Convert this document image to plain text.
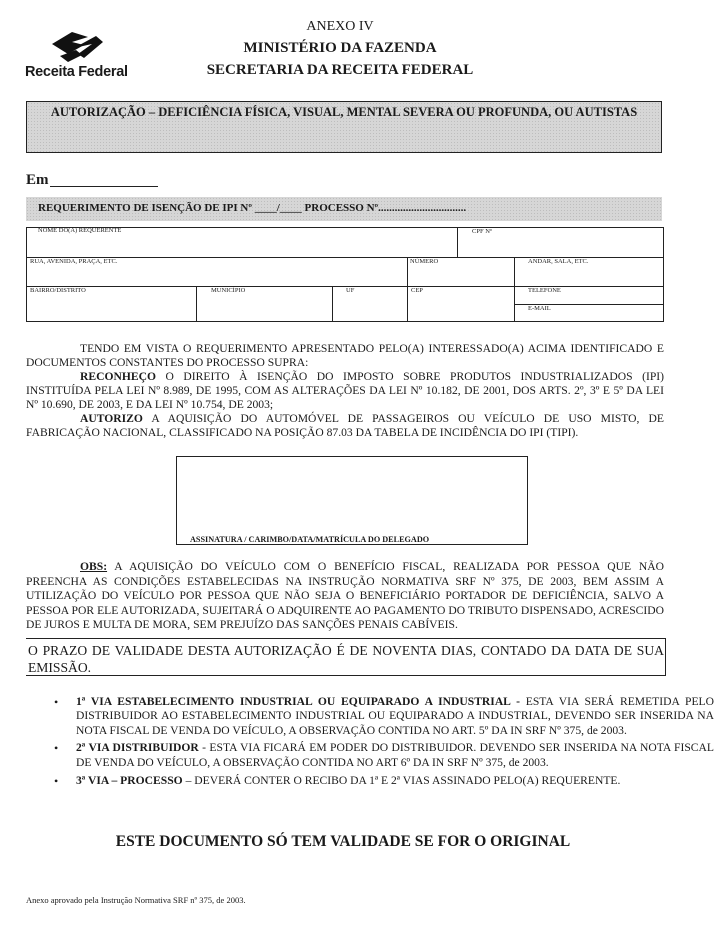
Receita Federal
ANEXO IV
MINISTÉRIO DA FAZENDA
SECRETARIA DA RECEITA FEDERAL
AUTORIZAÇÃO – DEFICIÊNCIA FÍSICA, VISUAL, MENTAL SEVERA OU PROFUNDA, OU AUTISTAS
Em
REQUERIMENTO DE ISENÇÃO DE IPI Nº ____/____ PROCESSO Nº................................
NOME DO(A) REQUERENTE	CPF Nº
RUA, AVENIDA, PRAÇA, ETC.	NÚMERO	ANDAR, SALA, ETC.
BAIRRO/DISTRITO	MUNICÍPIO	UF	CEP	TELEFONE
E-MAIL
TENDO EM VISTA O REQUERIMENTO APRESENTADO PELO(A) INTERESSADO(A) ACIMA IDENTIFICADO E DOCUMENTOS CONSTANTES DO PROCESSO SUPRA:
RECONHEÇO O DIREITO À ISENÇÃO DO IMPOSTO SOBRE PRODUTOS INDUSTRIALIZADOS (IPI) INSTITUÍDA PELA LEI Nº 8.989, DE 1995, COM AS ALTERAÇÕES DA LEI Nº 10.182, DE 2001, DOS ARTS. 2º, 3º E 5º DA LEI Nº 10.690, DE 2003, E DA LEI Nº 10.754, DE 2003;
AUTORIZO A AQUISIÇÃO DO AUTOMÓVEL DE PASSAGEIROS OU VEÍCULO DE USO MISTO, DE FABRICAÇÃO NACIONAL, CLASSIFICADO NA POSIÇÃO 87.03 DA TABELA DE INCIDÊNCIA DO IPI (TIPI).
ASSINATURA / CARIMBO/DATA/MATRÍCULA DO DELEGADO
OBS: A AQUISIÇÃO DO VEÍCULO COM O BENEFÍCIO FISCAL, REALIZADA POR PESSOA QUE NÃO PREENCHA AS CONDIÇÕES ESTABELECIDAS NA INSTRUÇÃO NORMATIVA SRF Nº 375, DE 2003, BEM ASSIM A UTILIZAÇÃO DO VEÍCULO POR PESSOA QUE NÃO SEJA O BENEFICIÁRIO PORTADOR DE DEFICIÊNCIA, SALVO A PESSOA POR ELE AUTORIZADA, SUJEITARÁ O ADQUIRENTE AO PAGAMENTO DO TRIBUTO DISPENSADO, ACRESCIDO DE JUROS E MULTA DE MORA, SEM PREJUÍZO DAS SANÇÕES PENAIS CABÍVEIS.
O PRAZO DE VALIDADE DESTA AUTORIZAÇÃO É DE NOVENTA DIAS, CONTADO DA DATA DE SUA EMISSÃO.
• 1ª VIA ESTABELECIMENTO INDUSTRIAL OU EQUIPARADO A INDUSTRIAL - ESTA VIA SERÁ REMETIDA PELO DISTRIBUIDOR AO ESTABELECIMENTO INDUSTRIAL OU EQUIPARADO A INDUSTRIAL, DEVENDO SER INSERIDA NA NOTA FISCAL DE VENDA DO VEÍCULO, A OBSERVAÇÃO CONTIDA NO ART. 5º DA IN SRF Nº 375, de 2003.
• 2ª VIA DISTRIBUIDOR - ESTA VIA FICARÁ EM PODER DO DISTRIBUIDOR. DEVENDO SER INSERIDA NA NOTA FISCAL DE VENDA DO VEÍCULO, A OBSERVAÇÃO CONTIDA NO ART 6º DA IN SRF Nº 375, de 2003.
• 3ª VIA – PROCESSO – DEVERÁ CONTER O RECIBO DA 1ª E 2ª VIAS ASSINADO PELO(A) REQUERENTE.
ESTE DOCUMENTO SÓ TEM VALIDADE SE FOR O ORIGINAL
Anexo aprovado pela Instrução Normativa SRF nº 375, de 2003.
